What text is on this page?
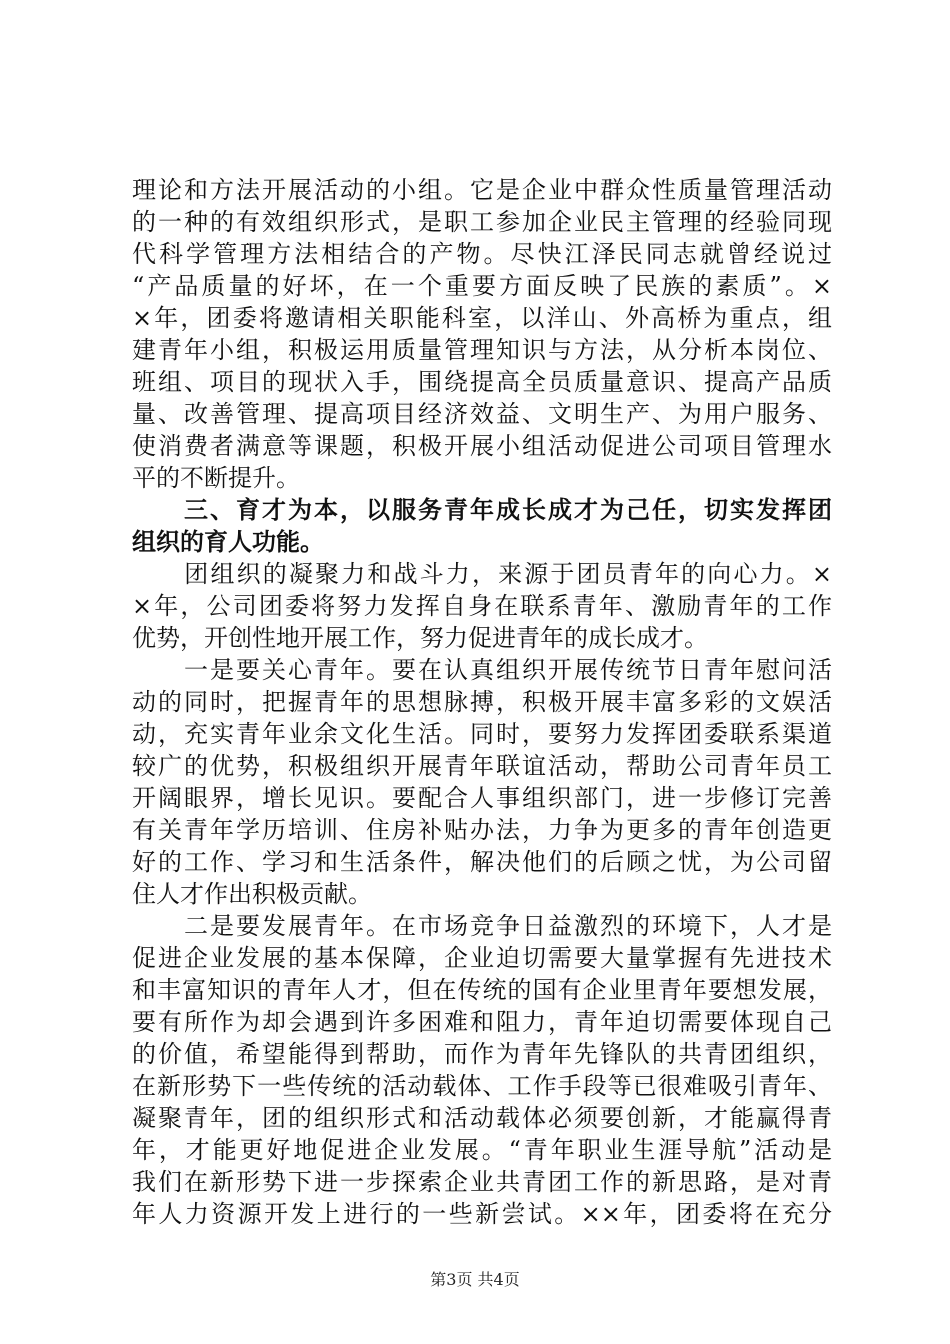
理论和方法开展活动的小组。它是企业中群众性质量管理活动
的一种的有效组织形式，是职工参加企业民主管理的经验同现
代科学管理方法相结合的产物。尽快江泽民同志就曾经说过
“产品质量的好坏，在一个重要方面反映了民族的素质”。×
×年，团委将邀请相关职能科室，以洋山、外高桥为重点，组
建青年小组，积极运用质量管理知识与方法，从分析本岗位、
班组、项目的现状入手，围绕提高全员质量意识、提高产品质
量、改善管理、提高项目经济效益、文明生产、为用户服务、
使消费者满意等课题，积极开展小组活动促进公司项目管理水
平的不断提升。
　　三、育才为本，以服务青年成长成才为己任，切实发挥团
组织的育人功能。
　　团组织的凝聚力和战斗力，来源于团员青年的向心力。×
×年，公司团委将努力发挥自身在联系青年、激励青年的工作
优势，开创性地开展工作，努力促进青年的成长成才。
　　一是要关心青年。要在认真组织开展传统节日青年慰问活
动的同时，把握青年的思想脉搏，积极开展丰富多彩的文娱活
动，充实青年业余文化生活。同时，要努力发挥团委联系渠道
较广的优势，积极组织开展青年联谊活动，帮助公司青年员工
开阔眼界，增长见识。要配合人事组织部门，进一步修订完善
有关青年学历培训、住房补贴办法，力争为更多的青年创造更
好的工作、学习和生活条件，解决他们的后顾之忧，为公司留
住人才作出积极贡献。
　　二是要发展青年。在市场竞争日益激烈的环境下，人才是
促进企业发展的基本保障，企业迫切需要大量掌握有先进技术
和丰富知识的青年人才，但在传统的国有企业里青年要想发展，
要有所作为却会遇到许多困难和阻力，青年迫切需要体现自己
的价值，希望能得到帮助，而作为青年先锋队的共青团组织，
在新形势下一些传统的活动载体、工作手段等已很难吸引青年、
凝聚青年，团的组织形式和活动载体必须要创新，才能赢得青
年，才能更好地促进企业发展。“青年职业生涯导航”活动是
我们在新形势下进一步探索企业共青团工作的新思路，是对青
年人力资源开发上进行的一些新尝试。××年，团委将在充分
第3页 共4页
